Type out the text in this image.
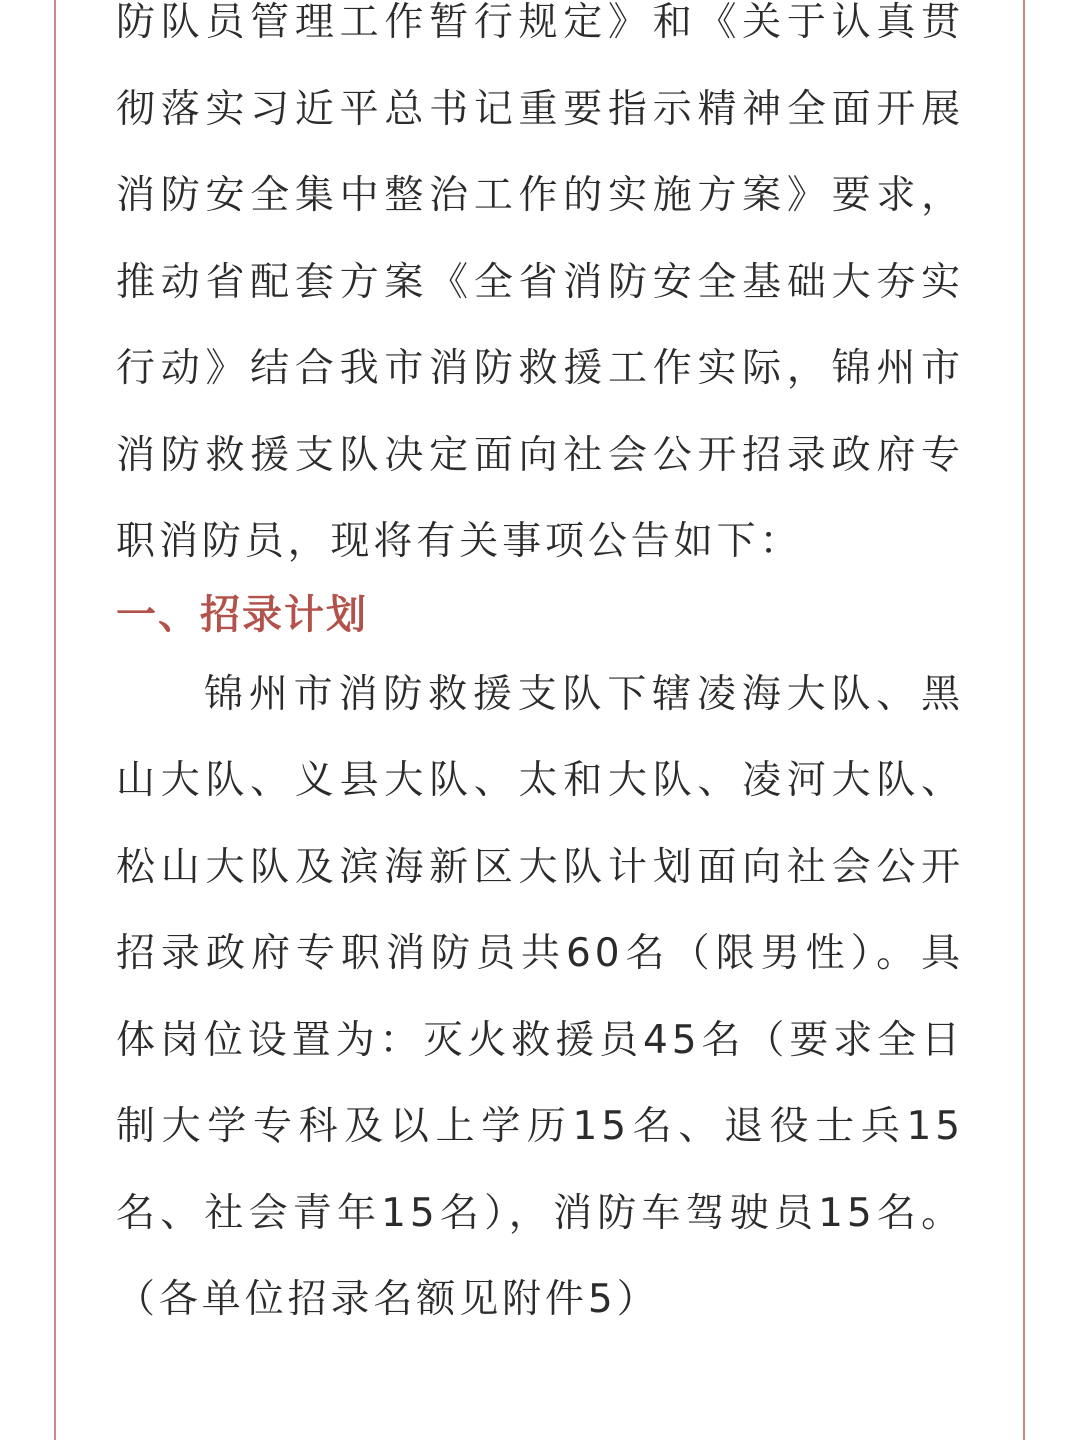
防队员管理工作暂行规定》和《关于认真贯彻落实习近平总书记重要指示精神全面开展消防安全集中整治工作的实施方案》要求，推动省配套方案《全省消防安全基础大夯实行动》结合我市消防救援工作实际，锦州市消防救援支队决定面向社会公开招录政府专职消防员，现将有关事项公告如下：

一、招录计划

锦州市消防救援支队下辖凌海大队、黑山大队、义县大队、太和大队、凌河大队、松山大队及滨海新区大队计划面向社会公开招录政府专职消防员共60名（限男性）。具体岗位设置为：灭火救援员45名（要求全日制大学专科及以上学历15名、退役士兵15名、社会青年15名），消防车驾驶员15名。（各单位招录名额见附件5）
